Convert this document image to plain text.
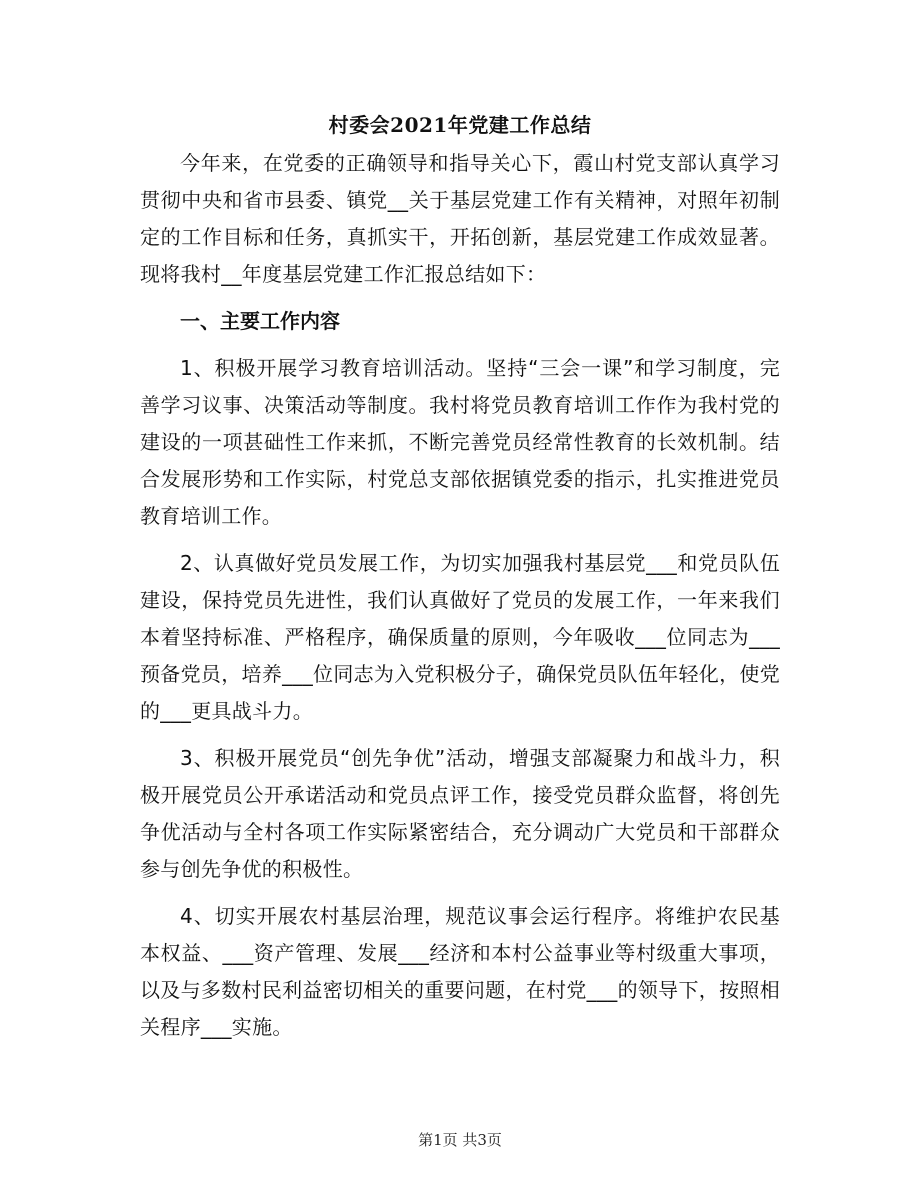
村委会2021年党建工作总结

今年来，在党委的正确领导和指导关心下，霞山村党支部认真学习贯彻中央和省市县委、镇党__关于基层党建工作有关精神，对照年初制定的工作目标和任务，真抓实干，开拓创新，基层党建工作成效显著。现将我村__年度基层党建工作汇报总结如下：

一、主要工作内容

1、积极开展学习教育培训活动。坚持“三会一课”和学习制度，完善学习议事、决策活动等制度。我村将党员教育培训工作作为我村党的建设的一项甚础性工作来抓，不断完善党员经常性教育的长效机制。结合发展形势和工作实际，村党总支部依据镇党委的指示，扎实推进党员教育培训工作。

2、认真做好党员发展工作，为切实加强我村基层党___和党员队伍建设，保持党员先进性，我们认真做好了党员的发展工作，一年来我们本着坚持标准、严格程序，确保质量的原则，今年吸收___位同志为___预备党员，培养___位同志为入党积极分子，确保党员队伍年轻化，使党的___更具战斗力。

3、积极开展党员“创先争优”活动，增强支部凝聚力和战斗力，积极开展党员公开承诺活动和党员点评工作，接受党员群众监督，将创先争优活动与全村各项工作实际紧密结合，充分调动广大党员和干部群众参与创先争优的积极性。

4、切实开展农村基层治理，规范议事会运行程序。将维护农民基本权益、___资产管理、发展___经济和本村公益事业等村级重大事项，以及与多数村民利益密切相关的重要问题，在村党___的领导下，按照相关程序___实施。

第1页 共3页
